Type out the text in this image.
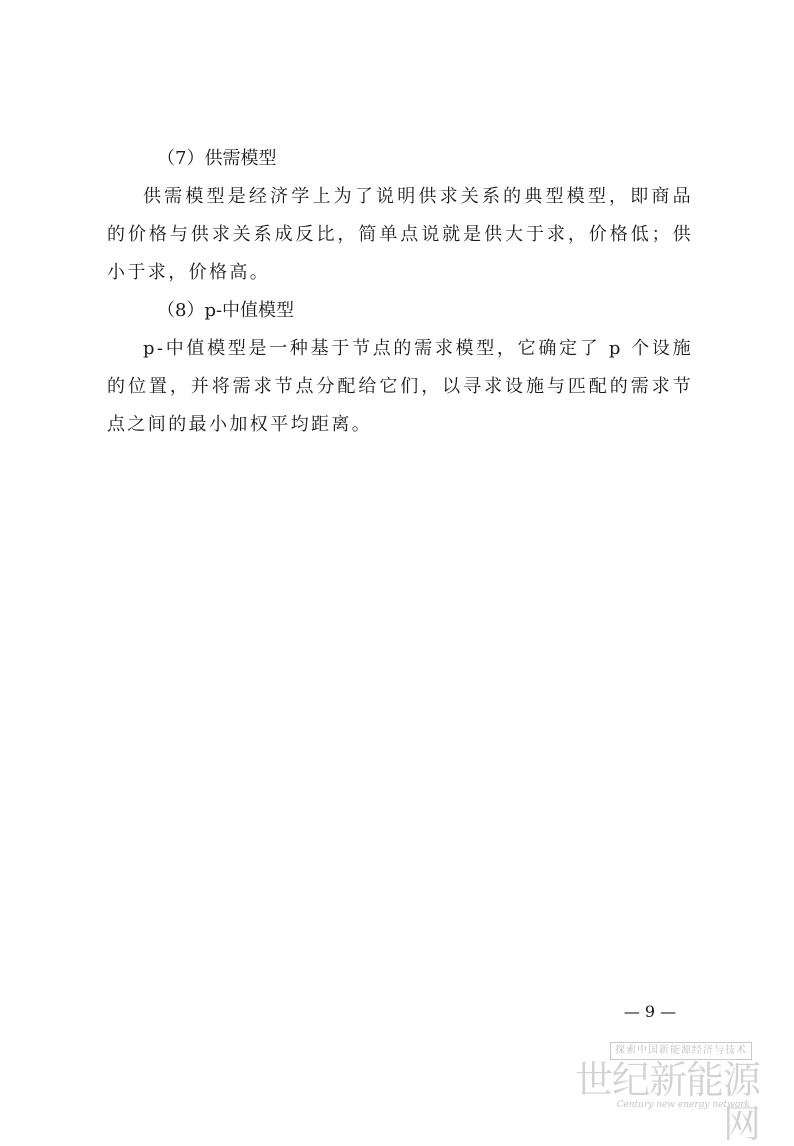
（7）供需模型

供需模型是经济学上为了说明供求关系的典型模型，即商品的价格与供求关系成反比，简单点说就是供大于求，价格低；供小于求，价格高。

（8）p-中值模型

p-中值模型是一种基于节点的需求模型，它确定了 p 个设施的位置，并将需求节点分配给它们，以寻求设施与匹配的需求节点之间的最小加权平均距离。

— 9 —
探索中国新能源经济与技术
世纪新能源网
Century new energy network
